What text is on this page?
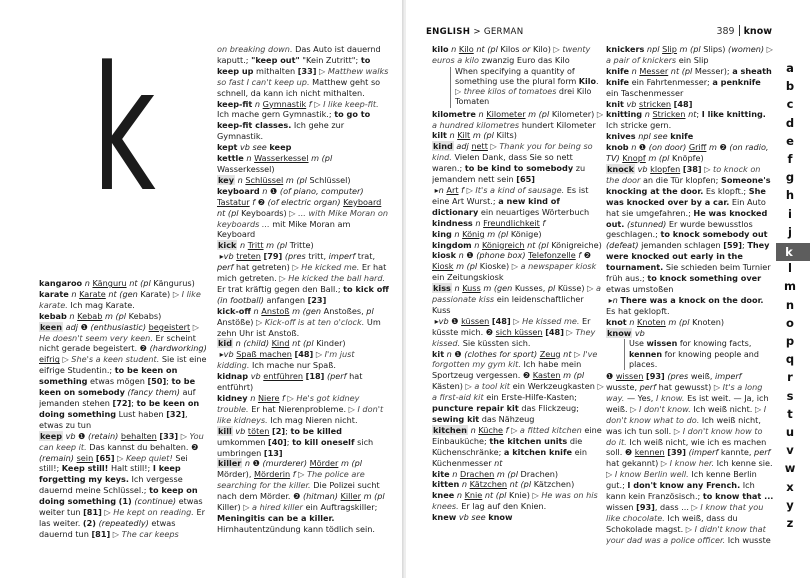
k
kangaroo n Känguru nt (pl Kängurus)
karate n Karate nt (gen Karate) ▷ I like karate. Ich mag Karate.
kebab n Kebab m (pl Kebabs)
keen adj ❶ (enthusiastic) begeistert ▷ He doesn't seem very keen. Er scheint nicht gerade begeistert. ❷ (hardworking) eifrig ▷ She's a keen student. Sie ist eine eifrige Studentin.; to be keen on something etwas mögen [50]; to be keen on somebody (fancy them) auf jemanden stehen [72]; to be keen on doing something Lust haben [32], etwas zu tun
keep vb ❶ (retain) behalten [33] ▷ You can keep it. Das kannst du behalten. ❷ (remain) sein [65] ▷ Keep quiet! Sei still!; Keep still! Halt still!; I keep forgetting my keys. Ich vergesse dauernd meine Schlüssel.; to keep on doing something (1) (continue) etwas weiter tun [81] ▷ He kept on reading. Er las weiter. (2) (repeatedly) etwas dauernd tun [81] ▷ The car keeps
on breaking down. Das Auto ist dauernd kaputt.; "keep out" "Kein Zutritt"; to keep up mithalten [33] ▷ Matthew walks so fast I can't keep up. Matthew geht so schnell, da kann ich nicht mithalten.
keep-fit n Gymnastik f ▷ I like keep-fit. Ich mache gern Gymnastik.; to go to keep-fit classes. Ich gehe zur Gymnastik.
kept vb see keep
kettle n Wasserkessel m (pl Wasserkessel)
key n Schlüssel m (pl Schlüssel)
keyboard n ❶ (of piano, computer) Tastatur f ❷ (of electric organ) Keyboard nt (pl Keyboards) ▷ ... with Mike Moran on keyboards ... mit Mike Moran am Keyboard
kick n Tritt m (pl Tritte)
▸vb treten [79] (pres tritt, imperf trat, perf hat getreten) ▷ He kicked me. Er hat mich getreten. ▷ He kicked the ball hard. Er trat kräftig gegen den Ball.; to kick off (in football) anfangen [23]
kick-off n Anstoß m (gen Anstoßes, pl Anstöße) ▷ Kick-off is at ten o'clock. Um zehn Uhr ist Anstoß.
kid n (child) Kind nt (pl Kinder)
▸vb Spaß machen [48] ▷ I'm just kidding. Ich mache nur Spaß.
kidnap vb entführen [18] (perf hat entführt)
kidney n Niere f ▷ He's got kidney trouble. Er hat Nierenprobleme. ▷ I don't like kidneys. Ich mag Nieren nicht.
kill vb töten [2]; to be killed umkommen [40]; to kill oneself sich umbringen [13]
killer n ❶ (murderer) Mörder m (pl Mörder), Mörderin f ▷ The police are searching for the killer. Die Polizei sucht nach dem Mörder. ❷ (hitman) Killer m (pl Killer) ▷ a hired killer ein Auftragskiller; Meningitis can be a killer. Hirnhautentzündung kann tödlich sein.
ENGLISH > GERMAN	389 know
kilo n Kilo nt (pl Kilos or Kilo) ▷ twenty euros a kilo zwanzig Euro das Kilo
When specifying a quantity of something use the plural form Kilo. ▷ three kilos of tomatoes drei Kilo Tomaten
kilometre n Kilometer m (pl Kilometer) ▷ a hundred kilometres hundert Kilometer
kilt n Kilt m (pl Kilts)
kind adj nett ▷ Thank you for being so kind. Vielen Dank, dass Sie so nett waren.; to be kind to somebody zu jemandem nett sein [65]
▸n Art f ▷ It's a kind of sausage. Es ist eine Art Wurst.; a new kind of dictionary ein neuartiges Wörterbuch
kindness n Freundlichkeit f
king n König m (pl Könige)
kingdom n Königreich nt (pl Königreiche)
kiosk n ❶ (phone box) Telefonzelle f ❷ Kiosk m (pl Kioske) ▷ a newspaper kiosk ein Zeitungskiosk
kiss n Kuss m (gen Kusses, pl Küsse) ▷ a passionate kiss ein leidenschaftlicher Kuss
▸vb ❶ küssen [48] ▷ He kissed me. Er küsste mich. ❷ sich küssen [48] ▷ They kissed. Sie küssten sich.
kit n ❶ (clothes for sport) Zeug nt ▷ I've forgotten my gym kit. Ich habe mein Sportzeug vergessen. ❷ Kasten m (pl Kästen) ▷ a tool kit ein Werkzeugkasten ▷ a first-aid kit ein Erste-Hilfe-Kasten; puncture repair kit das Flickzeug; sewing kit das Nähzeug
kitchen n Küche f ▷ a fitted kitchen eine Einbauküche; the kitchen units die Küchenschränke; a kitchen knife ein Küchenmesser nt
kite n Drachen m (pl Drachen)
kitten n Kätzchen nt (pl Kätzchen)
knee n Knie nt (pl Knie) ▷ He was on his knees. Er lag auf den Knien.
knew vb see know
knickers npl Slip m (pl Slips) (women) ▷ a pair of knickers ein Slip
knife n Messer nt (pl Messer); a sheath knife ein Fahrtenmesser; a penknife ein Taschenmesser
knit vb stricken [48]
knitting n Stricken nt; I like knitting. Ich stricke gern.
knives npl see knife
knob n ❶ (on door) Griff m ❷ (on radio, TV) Knopf m (pl Knöpfe)
knock vb klopfen [38] ▷ to knock on the door an die Tür klopfen; Someone's knocking at the door. Es klopft.; She was knocked over by a car. Ein Auto hat sie umgefahren.; He was knocked out. (stunned) Er wurde bewusstlos geschlagen.; to knock somebody out (defeat) jemanden schlagen [59]; They were knocked out early in the tournament. Sie schieden beim Turnier früh aus.; to knock something over etwas umstoßen
▸n There was a knock on the door. Es hat geklopft.
knot n Knoten m (pl Knoten)
know vb
Use wissen for knowing facts, kennen for knowing people and places.
❶ wissen [93] (pres weiß, imperf wusste, perf hat gewusst) ▷ It's a long way. — Yes, I know. Es ist weit. — Ja, ich weiß. ▷ I don't know. Ich weiß nicht. ▷ I don't know what to do. Ich weiß nicht, was ich tun soll. ▷ I don't know how to do it. Ich weiß nicht, wie ich es machen soll. ❷ kennen [39] (imperf kannte, perf hat gekannt) ▷ I know her. Ich kenne sie. ▷ I know Berlin well. Ich kenne Berlin gut.; I don't know any French. Ich kann kein Französisch.; to know that ... wissen [93], dass ... ▷ I know that you like chocolate. Ich weiß, dass du Schokolade magst. ▷ I didn't know that your dad was a police officer. Ich wusste
a
b
c
d
e
f
g
h
i
j
k
l
m
n
o
p
q
r
s
t
u
v
w
x
y
z
